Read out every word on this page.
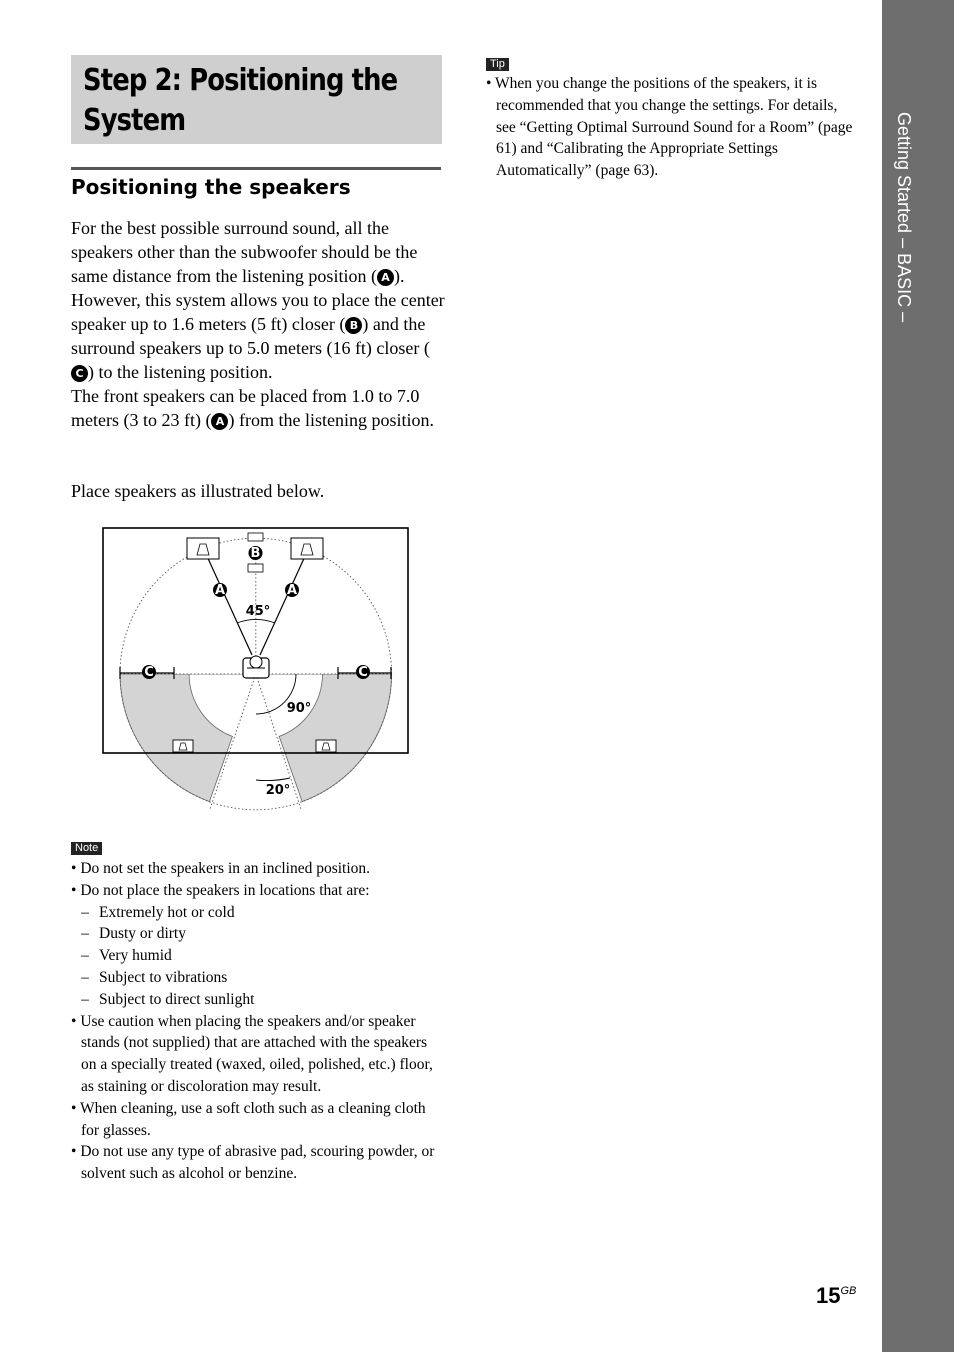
Step 2: Positioning the
System
Positioning the speakers

For the best possible surround sound, all the speakers other than the subwoofer should be the same distance from the listening position ( A ). However, this system allows you to place the center speaker up to 1.6 meters (5 ft) closer ( B ) and the surround speakers up to 5.0 meters (16 ft) closer (C ) to the listening position.

The front speakers can be placed from 1.0 to 7.0 meters (3 to 23 ft) ( A ) from the listening position.

Place speakers as illustrated below.

B
A	A
C	C
45°
90°
20°
Note
• Do not set the speakers in an inclined position.
• Do not place the speakers in locations that are:
– Extremely hot or cold
– Dusty or dirty
– Very humid
– Subject to vibrations
– Subject to direct sunlight
• Use caution when placing the speakers and/or speaker stands (not supplied) that are attached with the speakers on a specially treated (waxed, oiled, polished, etc.) floor, as staining or discoloration may result.
• When cleaning, use a soft cloth such as a cleaning cloth for glasses.
• Do not use any type of abrasive pad, scouring powder, or solvent such as alcohol or benzine.
Tip
• When you change the positions of the speakers, it is recommended that you change the settings. For details, see “Getting Optimal Surround Sound for a Room” (page 61) and “Calibrating the Appropriate Settings Automatically” (page 63).	Getting Started – BASIC –
$15^{GB}$
